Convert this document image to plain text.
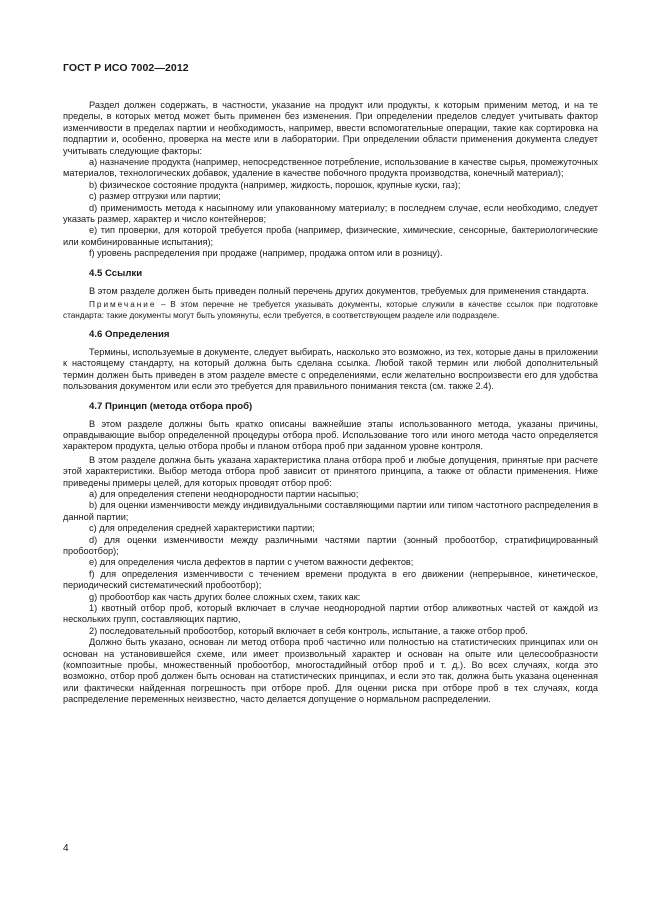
ГОСТ Р ИСО 7002—2012

Раздел должен содержать, в частности, указание на продукт или продукты, к которым применим метод, и на те пределы, в которых метод может быть применен без изменения. При определении пределов следует учитывать фактор изменчивости в пределах партии и необходимость, например, ввести вспомогательные операции, такие как сортировка на подпартии и, особенно, проверка на месте или в лаборатории. При определении области применения документа следует учитывать следующие факторы:

a) назначение продукта (например, непосредственное потребление, использование в качестве сырья, промежуточных материалов, технологических добавок, удаление в качестве побочного продукта производства, конечный материал);

b) физическое состояние продукта (например, жидкость, порошок, крупные куски, газ);

c) размер отгрузки или партии;

d) применимость метода к насыпному или упакованному материалу; в последнем случае, если необходимо, следует указать размер, характер и число контейнеров;

e) тип проверки, для которой требуется проба (например, физические, химические, сенсорные, бактериологические или комбинированные испытания);

f) уровень распределения при продаже (например, продажа оптом или в розницу).

4.5 Ссылки

В этом разделе должен быть приведен полный перечень других документов, требуемых для применения стандарта.

Примечание – В этом перечне не требуется указывать документы, которые служили в качестве ссылок при подготовке стандарта: такие документы могут быть упомянуты, если требуется, в соответствующем разделе или подразделе.

4.6 Определения

Термины, используемые в документе, следует выбирать, насколько это возможно, из тех, которые даны в приложении к настоящему стандарту, на который должна быть сделана ссылка. Любой такой термин или любой дополнительный термин должен быть приведен в этом разделе вместе с определениями, если желательно воспроизвести его для удобства пользования документом или если это требуется для правильного понимания текста (см. также 2.4).

4.7 Принцип (метода отбора проб)

В этом разделе должны быть кратко описаны важнейшие этапы использованного метода, указаны причины, оправдывающие выбор определенной процедуры отбора проб. Использование того или иного метода часто определяется характером продукта, целью отбора пробы и планом отбора проб при заданном уровне контроля.

В этом разделе должна быть указана характеристика плана отбора проб и любые допущения, принятые при расчете этой характеристики. Выбор метода отбора проб зависит от принятого принципа, а также от области применения. Ниже приведены примеры целей, для которых проводят отбор проб:

a) для определения степени неоднородности партии насыпью;

b) для оценки изменчивости между индивидуальными составляющими партии или типом частотного распределения в данной партии;

c) для определения средней характеристики партии;

d) для оценки изменчивости между различными частями партии (зонный пробоотбор, стратифицированный пробоотбор);

e) для определения числа дефектов в партии с учетом важности дефектов;

f) для определения изменчивости с течением времени продукта в его движении (непрерывное, кинетическое, периодический систематический пробоотбор);

g) пробоотбор как часть других более сложных схем, таких как:

1) квотный отбор проб, который включает в случае неоднородной партии отбор аликвотных частей от каждой из нескольких групп, составляющих партию,

2) последовательный пробоотбор, который включает в себя контроль, испытание, а также отбор проб.

Должно быть указано, основан ли метод отбора проб частично или полностью на статистических принципах или он основан на установившейся схеме, или имеет произвольный характер и основан на опыте или целесообразности (композитные пробы, множественный пробоотбор, многостадийный отбор проб и т. д.). Во всех случаях, когда это возможно, отбор проб должен быть основан на статистических принципах, и если это так, должна быть указана оцененная или фактически найденная погрешность при отборе проб. Для оценки риска при отборе проб в тех случаях, когда распределение переменных неизвестно, часто делается допущение о нормальном распределении.

4
